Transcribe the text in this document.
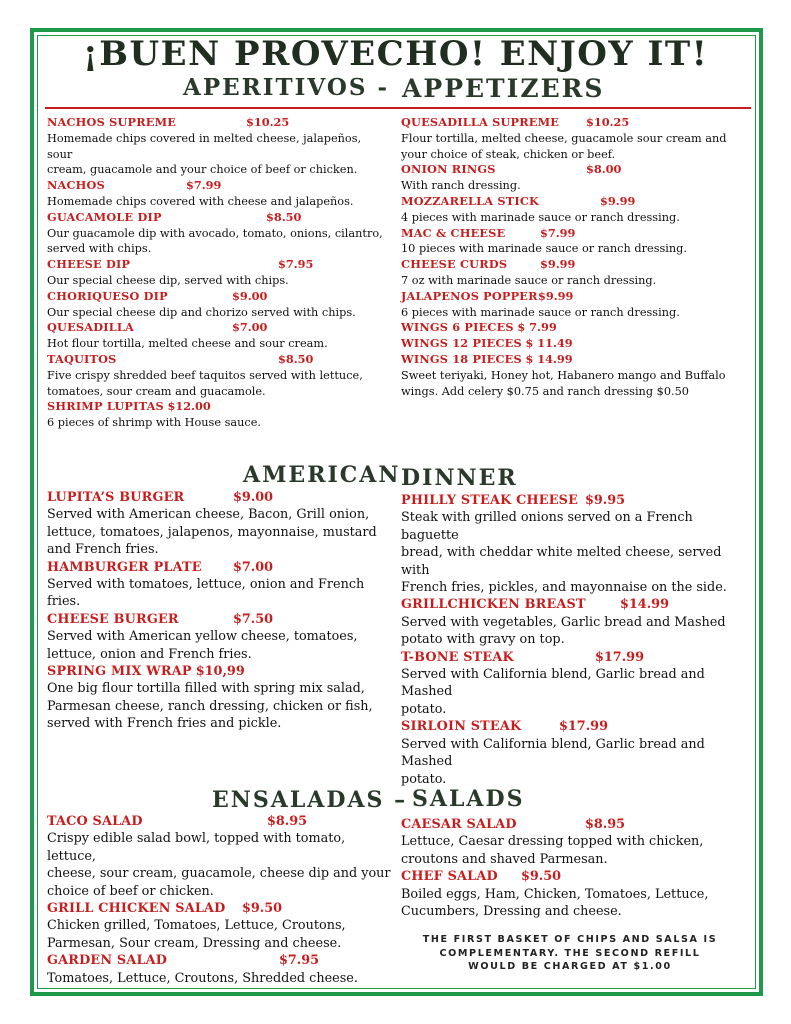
¡BUEN PROVECHO! ENJOY IT!
APERITIVOS - APPETIZERS
NACHOS SUPREME	$10.25

Homemade chips covered in melted cheese, jalapeños, sour

cream, guacamole and your choice of beef or chicken.

NACHOS	$7.99

Homemade chips covered with cheese and jalapeños.

GUACAMOLE DIP	$8.50

Our guacamole dip with avocado, tomato, onions, cilantro,

served with chips.

CHEESE DIP	$7.95

Our special cheese dip, served with chips.

CHORIQUESO DIP	$9.00

Our special cheese dip and chorizo served with chips.

QUESADILLA	$7.00

Hot flour tortilla, melted cheese and sour cream.

TAQUITOS	$8.50

Five crispy shredded beef taquitos served with lettuce,

tomatoes, sour cream and guacamole.

SHRIMP LUPITAS $12.00

6 pieces of shrimp with House sauce.

QUESADILLA SUPREME $10.25

Flour tortilla, melted cheese, guacamole sour cream and

your choice of steak, chicken or beef.

ONION RINGS	$8.00

With ranch dressing.

MOZZARELLA STICK	$9.99

4 pieces with marinade sauce or ranch dressing.

MAC & CHEESE	$7.99

10 pieces with marinade sauce or ranch dressing.

CHEESE CURDS	$9.99

7 oz with marinade sauce or ranch dressing.

JALAPENOS POPPER $9.99

6 pieces with marinade sauce or ranch dressing.

WINGS 6 PIECES $ 7.99
WINGS 12 PIECES $ 11.49
WINGS 18 PIECES $ 14.99

Sweet teriyaki, Honey hot, Habanero mango and Buffalo

wings. Add celery $0.75 and ranch dressing $0.50

AMERICAN DINNER
LUPITA’S BURGER	$9.00

Served with American cheese, Bacon, Grill onion,

lettuce, tomatoes, jalapenos, mayonnaise, mustard

and French fries.

HAMBURGER PLATE $7.00

Served with tomatoes, lettuce, onion and French fries.

CHEESE BURGER	$7.50

Served with American yellow cheese, tomatoes,

lettuce, onion and French fries.

SPRING MIX WRAP $10,99

One big flour tortilla filled with spring mix salad,

Parmesan cheese, ranch dressing, chicken or fish,

served with French fries and pickle.

PHILLY STEAK CHEESE $9.95

Steak with grilled onions served on a French baguette

bread, with cheddar white melted cheese, served with

French fries, pickles, and mayonnaise on the side.

GRILLCHICKEN BREAST	$14.99

Served with vegetables, Garlic bread and Mashed

potato with gravy on top.

T-BONE STEAK	$17.99

Served with California blend, Garlic bread and Mashed

potato.

SIRLOIN STEAK	$17.99

Served with California blend, Garlic bread and Mashed

potato.

ENSALADAS – SALADS
TACO SALAD	$8.95

Crispy edible salad bowl, topped with tomato, lettuce,

cheese, sour cream, guacamole, cheese dip and your

choice of beef or chicken.

GRILL CHICKEN SALAD $9.50

Chicken grilled, Tomatoes, Lettuce, Croutons,

Parmesan, Sour cream, Dressing and cheese.

GARDEN SALAD	$7.95

Tomatoes, Lettuce, Croutons, Shredded cheese.

CAESAR SALAD	$8.95

Lettuce, Caesar dressing topped with chicken,

croutons and shaved Parmesan.

CHEF SALAD $9.50

Boiled eggs, Ham, Chicken, Tomatoes, Lettuce,

Cucumbers, Dressing and cheese.

THE FIRST BASKET OF CHIPS AND SALSA IS
COMPLEMENTARY. THE SECOND REFILL
WOULD BE CHARGED AT $1.00
